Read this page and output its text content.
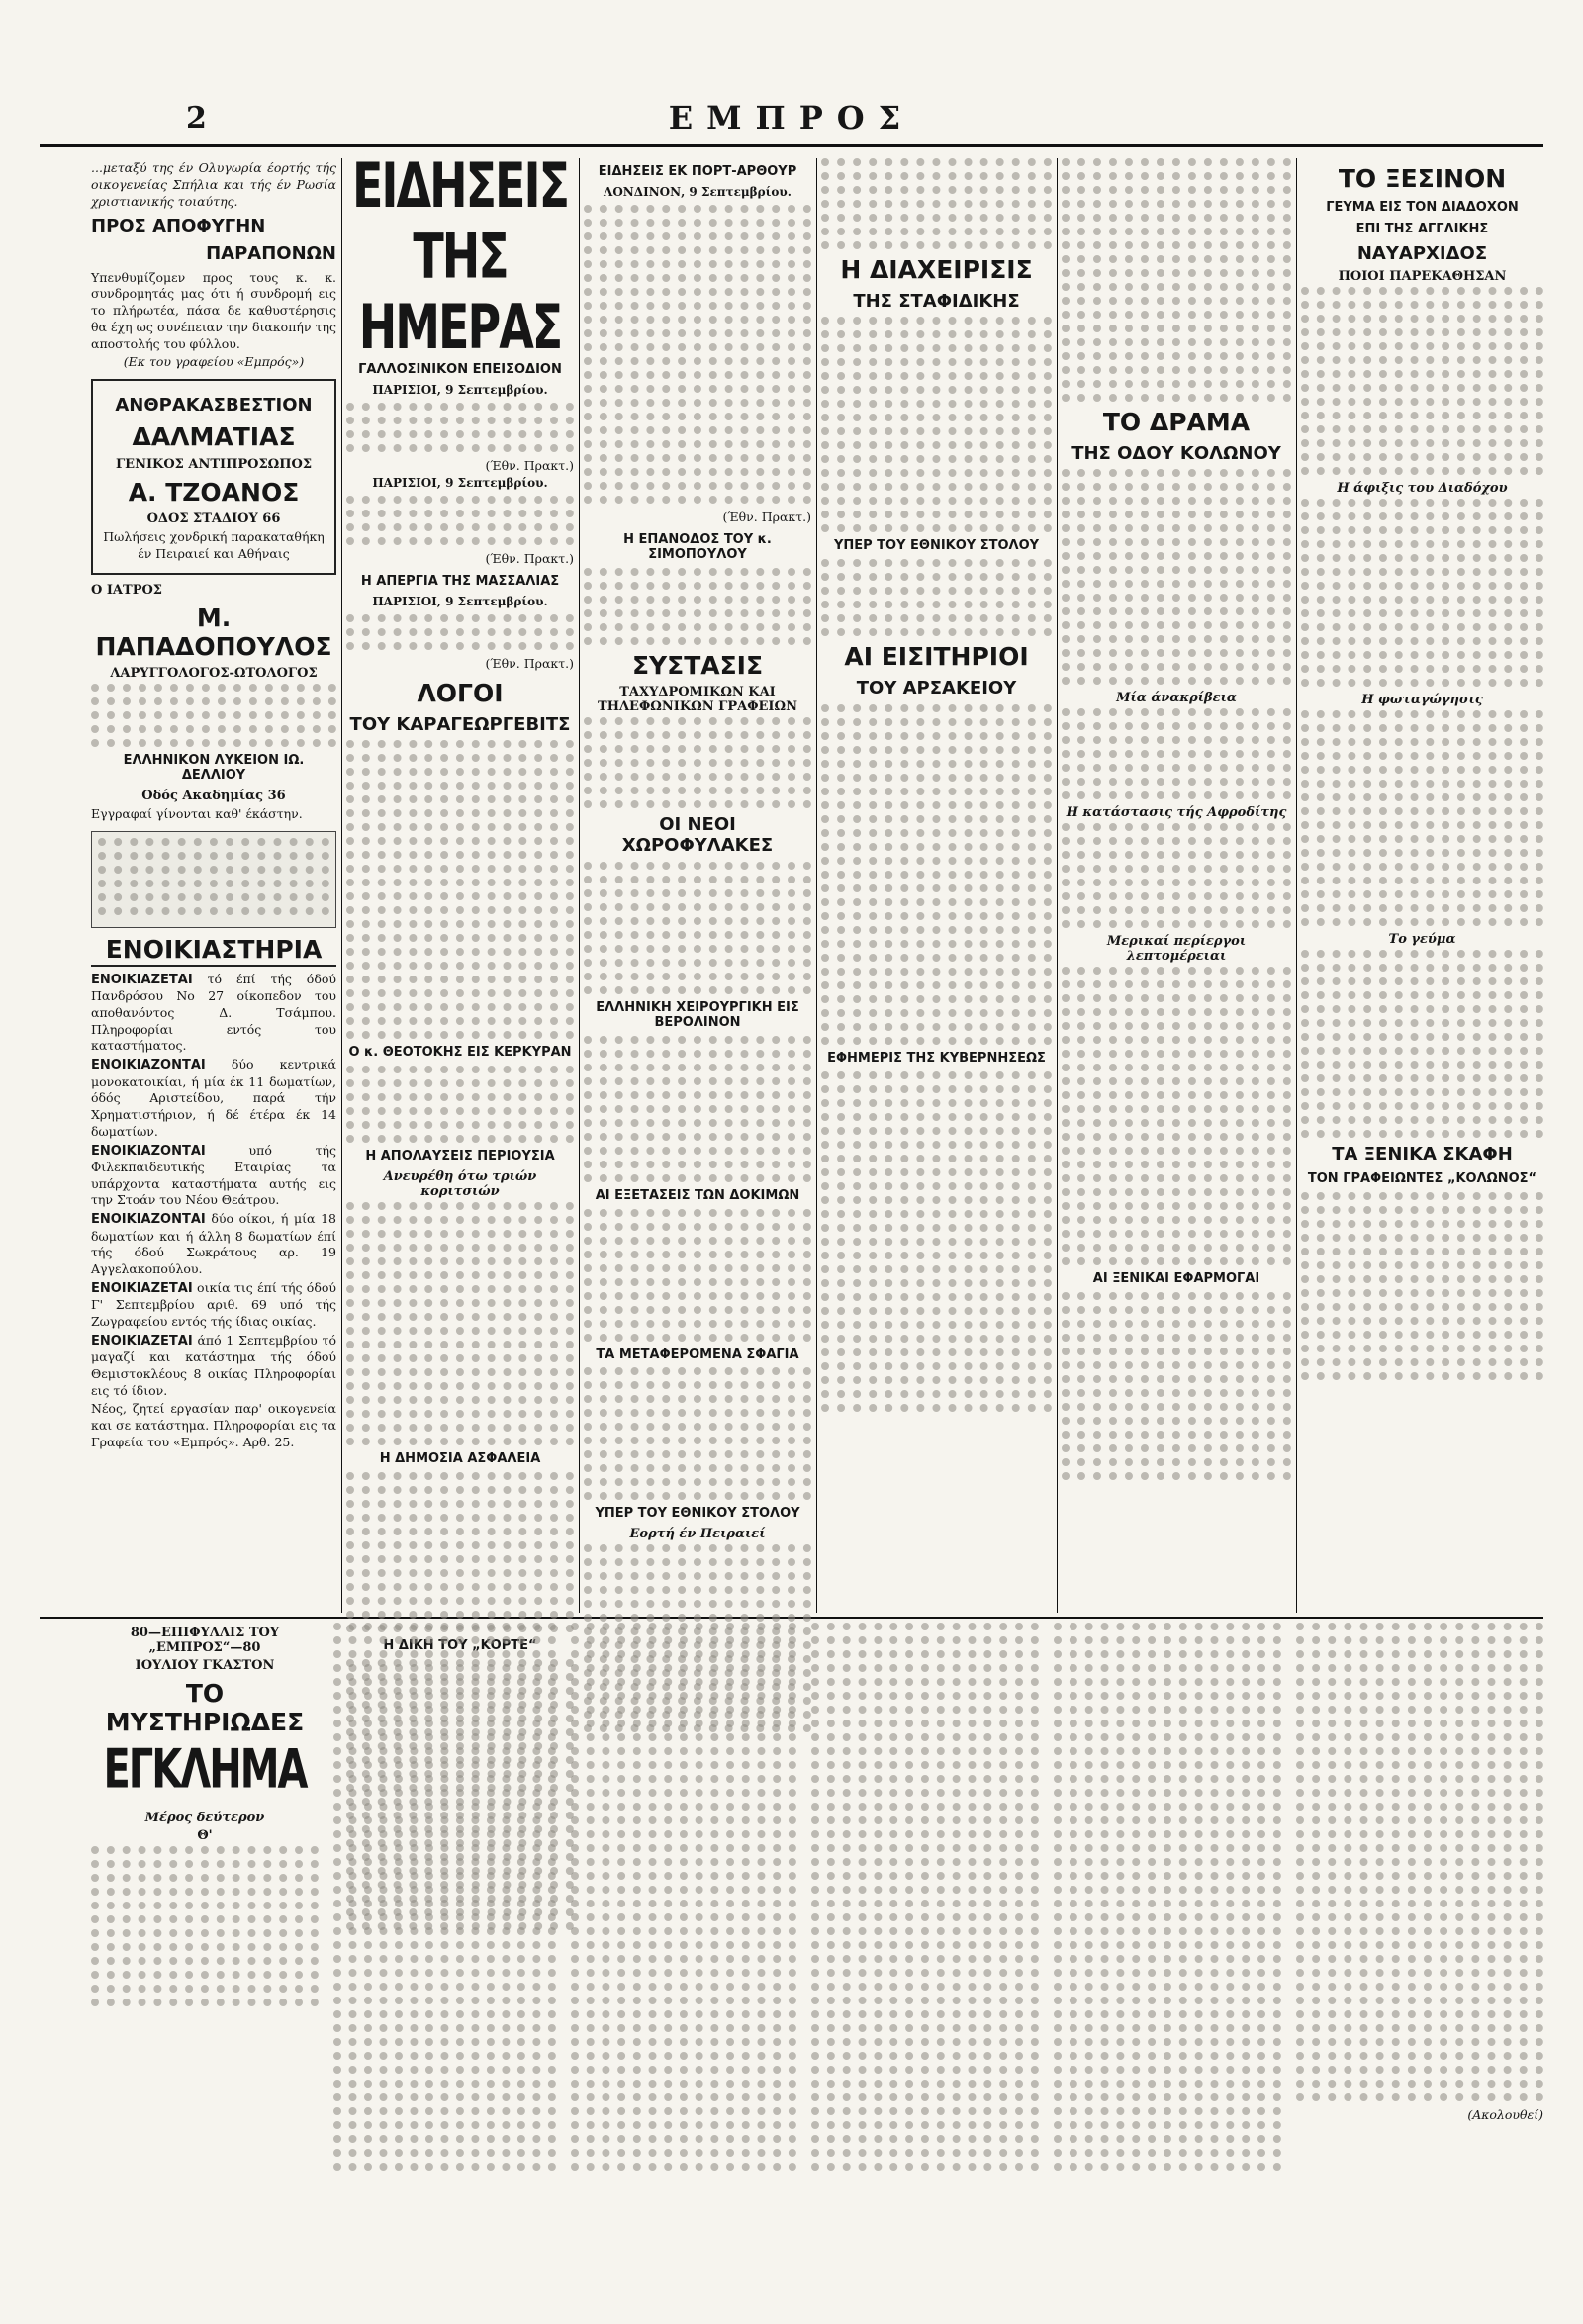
2	ΕΜΠΡΟΣ
...μεταξύ της έν Ολυγωρία έορτής τής οικογενείας Σπήλια και τής έν Ρωσία χριστιανικής τοιαύτης.
ΠΡΟΣ ΑΠΟΦΥΓΗΝ
ΠΑΡΑΠΟΝΩΝ
Υπενθυμίζομεν προς τους κ. κ. συνδρομητάς μας ότι ή συνδρομή εις το πλήρωτέα, πάσα δε καθυστέρησις θα έχη ως συνέπειαν την διακοπήν της αποστολής του φύλλου.
(Εκ του γραφείου «Εμπρός»)
ΑΝΘΡΑΚΑΣΒΕΣΤΙΟΝ
ΔΑΛΜΑΤΙΑΣ
ΓΕΝΙΚΟΣ ΑΝΤΙΠΡΟΣΩΠΟΣ
Α. ΤΖΟΑΝΟΣ
ΟΔΟΣ ΣΤΑΔΙΟΥ 66
Πωλήσεις χονδρική παρακαταθήκη έν Πειραιεί και Αθήναις
Ο ΙΑΤΡΟΣ
Μ. ΠΑΠΑΔΟΠΟΥΛΟΣ
ΛΑΡΥΓΓΟΛΟΓΟΣ-ΩΤΟΛΟΓΟΣ
ΕΛΛΗΝΙΚΟΝ ΛΥΚΕΙΟΝ ΙΩ. ΔΕΛΛΙΟΥ
Οδός Ακαδημίας 36
Εγγραφαί γίνονται καθ' έκάστην.
ΕΝΟΙΚΙΑΣΤΗΡΙΑ
ΕΝΟΙΚΙΑΖΕΤΑΙ τό έπί τής όδού Πανδρόσου Νο 27 οίκοπεδον του αποθανόντος Δ. Τσάμπου. Πληροφορίαι εντός του καταστήματος.
ΕΝΟΙΚΙΑΖΟΝΤΑΙ δύο κεντρικά μονοκατοικίαι, ή μία έκ 11 δωματίων, όδός Αριστείδου, παρά τήν Χρηματιστήριον, ή δέ έτέρα έκ 14 δωματίων.
ΕΝΟΙΚΙΑΖΟΝΤΑΙ	υπό τής Φιλεκπαιδευτικής Εταιρίας τα υπάρχοντα καταστήματα αυτής εις την Στοάν του Νέου Θεάτρου.
ΕΝΟΙΚΙΑΖΟΝΤΑΙ δύο οίκοι, ή μία 18 δωματίων και ή άλλη 8 δωματίων έπί τής όδού Σωκράτους αρ. 19 Αγγελακοπούλου.
ΕΝΟΙΚΙΑΖΕΤΑΙ οικία τις έπί τής όδού Γ' Σεπτεμβρίου αριθ. 69 υπό τής Ζωγραφείου εντός τής ίδιας οικίας.
ΕΝΟΙΚΙΑΖΕΤΑΙ άπό 1 Σεπτεμβρίου τό μαγαζί και κατάστημα τής όδού Θεμιστοκλέους 8 οικίας Πληροφορίαι εις τό ίδιον.
Νέος, ζητεί εργασίαν παρ' οικογενεία και σε κατάστημα. Πληροφορίαι εις τα Γραφεία του «Εμπρός». Αρθ. 25.
ΕΙΔΗΣΕΙΣ ΤΗΣ ΗΜΕΡΑΣ
ΓΑΛΛΟΣΙΝΙΚΟΝ ΕΠΕΙΣΟΔΙΟΝ
ΠΑΡΙΣΙΟΙ, 9 Σεπτεμβρίου.
(Έθν. Πρακτ.)
ΠΑΡΙΣΙΟΙ, 9 Σεπτεμβρίου.
(Έθν. Πρακτ.)
Η ΑΠΕΡΓΙΑ ΤΗΣ ΜΑΣΣΑΛΙΑΣ
ΠΑΡΙΣΙΟΙ, 9 Σεπτεμβρίου.
(Έθν. Πρακτ.)
ΛΟΓΟΙ
ΤΟΥ ΚΑΡΑΓΕΩΡΓΕΒΙΤΣ
Ο κ. ΘΕΟΤΟΚΗΣ ΕΙΣ ΚΕΡΚΥΡΑΝ
Η ΑΠΟΛΑΥΣΕΙΣ ΠΕΡΙΟΥΣΙΑ
Ανευρέθη ότω τριών κοριτσιών
Η ΔΗΜΟΣΙΑ ΑΣΦΑΛΕΙΑ
Η ΔΙΚΗ ΤΟΥ „ΚΟΡΤΕ“
ΕΙΔΗΣΕΙΣ ΕΚ ΠΟΡΤ-ΑΡΘΟΥΡ
ΛΟΝΔΙΝΟΝ, 9 Σεπτεμβρίου.
(Έθν. Πρακτ.)
Η ΕΠΑΝΟΔΟΣ ΤΟΥ κ. ΣΙΜΟΠΟΥΛΟΥ
ΣΥΣΤΑΣΙΣ
ΤΑΧΥΔΡΟΜΙΚΩΝ ΚΑΙ ΤΗΛΕΦΩΝΙΚΩΝ ΓΡΑΦΕΙΩΝ
ΟΙ ΝΕΟΙ ΧΩΡΟΦΥΛΑΚΕΣ
ΕΛΛΗΝΙΚΗ ΧΕΙΡΟΥΡΓΙΚΗ ΕΙΣ ΒΕΡΟΛΙΝΟΝ
ΑΙ ΕΞΕΤΑΣΕΙΣ ΤΩΝ ΔΟΚΙΜΩΝ
ΤΑ ΜΕΤΑΦΕΡΟΜΕΝΑ ΣΦΑΓΙΑ
ΥΠΕΡ ΤΟΥ ΕΘΝΙΚΟΥ ΣΤΟΛΟΥ
Εορτή έν Πειραιεί
Η ΔΙΑΧΕΙΡΙΣΙΣ
ΤΗΣ ΣΤΑΦΙΔΙΚΗΣ
ΥΠΕΡ ΤΟΥ ΕΘΝΙΚΟΥ ΣΤΟΛΟΥ
ΑΙ ΕΙΣΙΤΗΡΙΟΙ
ΤΟΥ ΑΡΣΑΚΕΙΟΥ
ΕΦΗΜΕΡΙΣ ΤΗΣ ΚΥΒΕΡΝΗΣΕΩΣ
ΤΟ ΔΡΑΜΑ
ΤΗΣ ΟΔΟΥ ΚΟΛΩΝΟΥ
Μία άνακρίβεια
Η κατάστασις τής Αφροδίτης
Μερικαί περίεργοι λεπτομέρειαι
ΑΙ ΞΕΝΙΚΑΙ ΕΦΑΡΜΟΓΑΙ
ΤΟ ΞΕΣΙΝΟΝ
ΓΕΥΜΑ ΕΙΣ ΤΟΝ ΔΙΑΔΟΧΟΝ
ΕΠΙ ΤΗΣ ΑΓΓΛΙΚΗΣ
ΝΑΥΑΡΧΙΔΟΣ
ΠΟΙΟΙ ΠΑΡΕΚΑΘΗΣΑΝ
Η άφιξις του Διαδόχου
Η φωταγώγησις
Το γεύμα
ΤΑ ΞΕΝΙΚΑ ΣΚΑΦΗ
ΤΟΝ ΓΡΑΦΕΙΩΝΤΕΣ „ΚΟΛΩΝΟΣ“
80—ΕΠΙΦΥΛΛΙΣ ΤΟΥ „ΕΜΠΡΟΣ“—80
ΙΟΥΛΙΟΥ ΓΚΑΣΤΟΝ
ΤΟ ΜΥΣΤΗΡΙΩΔΕΣ
ΕΓΚΛΗΜΑ
Μέρος δεύτερον
Θ'
(Ακολουθεί)
